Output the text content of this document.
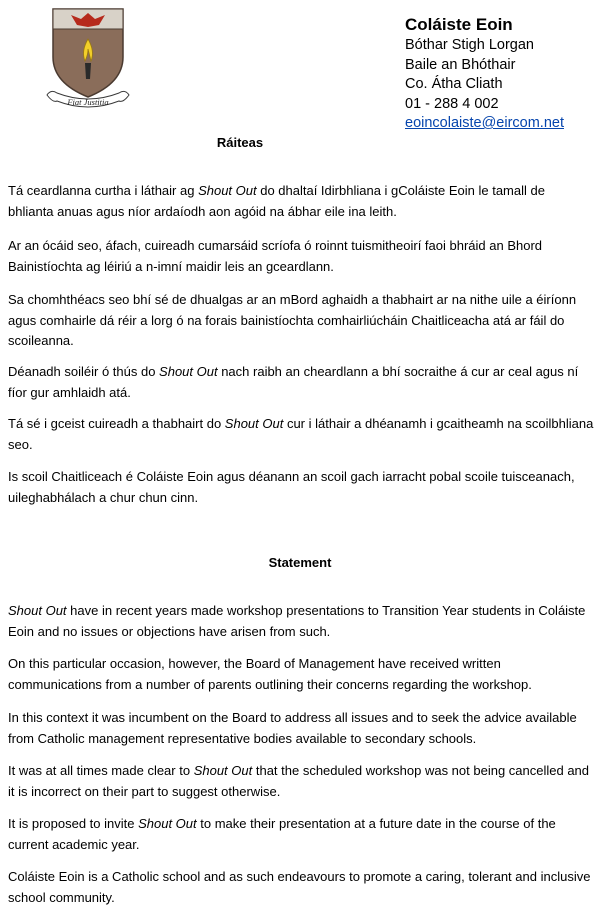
Fiat Justitia
Coláiste Eoin
Bóthar Stigh Lorgan
Baile an Bhóthair
Co. Átha Cliath
01 - 288 4 002
eoincolaiste@eircom.net
Ráiteas
Tá ceardlanna curtha i láthair ag Shout Out do dhaltaí Idirbhliana i gColáiste Eoin le tamall de bhlianta anuas agus níor ardaíodh aon agóid na ábhar eile ina leith.
Ar an ócáid seo, áfach, cuireadh cumarsáid scríofa ó roinnt tuismitheoirí faoi bhráid an Bhord Bainistíochta ag léiriú a n-imní maidir leis an gceardlann.
Sa chomhthéacs seo bhí sé de dhualgas ar an mBord aghaidh a thabhairt ar na nithe uile a éiríonn agus comhairle dá réir a lorg ó na forais bainistíochta comhairliúcháin Chaitliceacha atá ar fáil do scoileanna.
Déanadh soiléir ó thús do Shout Out nach raibh an cheardlann a bhí socraithe á cur ar ceal agus ní fíor gur amhlaidh atá.
Tá sé i gceist cuireadh a thabhairt do Shout Out cur i láthair a dhéanamh i gcaitheamh na scoilbhliana seo.
Is scoil Chaitliceach é Coláiste Eoin agus déanann an scoil gach iarracht pobal scoile tuisceanach, uileghabhálach a chur chun cinn.
Statement
Shout Out have in recent years made workshop presentations to Transition Year students in Coláiste Eoin and no issues or objections have arisen from such.
On this particular occasion, however, the Board of Management have received written communications from a number of parents outlining their concerns regarding the workshop.
In this context it was incumbent on the Board to address all issues and to seek the advice available from Catholic management representative bodies available to secondary schools.
It was at all times made clear to Shout Out that the scheduled workshop was not being cancelled and it is incorrect on their part to suggest otherwise.
It is proposed to invite Shout Out to make their presentation at a future date in the course of the current academic year.
Coláiste Eoin is a Catholic school and as such endeavours to promote a caring, tolerant and inclusive school community.
